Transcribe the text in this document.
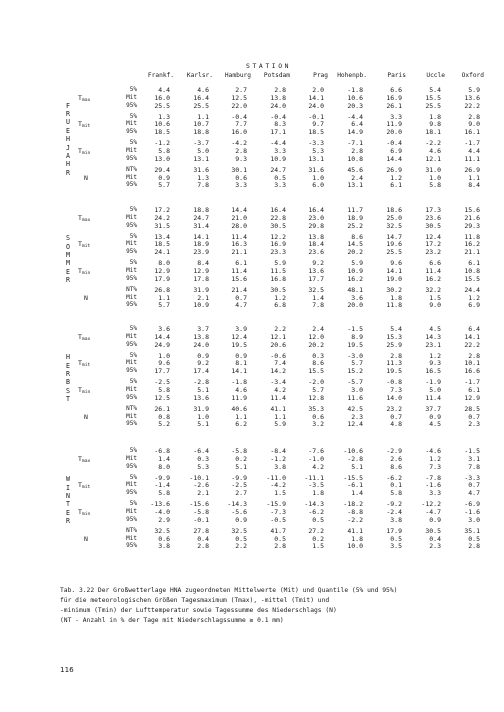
STATION
Frankf.	Karlsr.	Hamburg	Potsdam	Prag	Hohenpb.	Paris	Uccle	Oxford
F
R
U
E
H
J
A
H
R
5%	4.4	4.6	2.7	2.8	2.0	-1.8	6.6	5.4	5.9
$T_{max}$	Mit	16.0	16.4	12.5	13.8	14.1	10.6	16.9	15.5	13.6
95%	25.5	25.5	22.0	24.0	24.0	20.3	26.1	25.5	22.2
5%	1.3	1.1	-0.4	-0.4	-0.1	-4.4	3.3	1.8	2.8
$T_{mit}$	Mit	10.6	10.7	7.7	8.3	9.7	6.4	11.9	9.8	9.0
95%	18.5	18.8	16.0	17.1	18.5	14.9	20.0	18.1	16.1
5%	-1.2	-3.7	-4.2	-4.4	-3.3	-7.1	-0.4	-2.2	-1.7
$T_{min}$	Mit	5.8	5.0	2.8	3.3	5.3	2.8	6.9	4.6	4.4
95%	13.0	13.1	9.3	10.9	13.1	10.8	14.4	12.1	11.1
NT%	29.4	31.6	30.1	24.7	31.6	45.6	26.9	31.0	26.9
N	Mit	0.9	1.3	0.6	0.5	1.0	2.4	1.2	1.0	1.1
95%	5.7	7.8	3.3	3.3	6.0	13.1	6.1	5.8	8.4
S
O
M
M
E
R
5%	17.2	18.8	14.4	16.4	16.4	11.7	18.6	17.3	15.6
$T_{max}$	Mit	24.2	24.7	21.0	22.8	23.0	18.9	25.0	23.6	21.6
95%	31.5	31.4	28.0	30.5	29.8	25.2	32.5	30.5	29.3
5%	13.4	14.1	11.4	12.2	13.8	8.6	14.7	12.4	11.8
$T_{mit}$	Mit	18.5	18.9	16.3	16.9	18.4	14.5	19.6	17.2	16.2
95%	24.1	23.9	21.1	23.3	23.6	20.2	25.5	23.2	21.1
5%	8.0	8.4	6.1	5.9	9.2	5.9	9.6	6.6	6.1
$T_{min}$	Mit	12.9	12.9	11.4	11.5	13.6	10.9	14.1	11.4	10.8
95%	17.9	17.8	15.6	16.8	17.7	16.2	19.0	16.2	15.5
NT%	26.8	31.9	21.4	30.5	32.5	48.1	30.2	32.2	24.4
N	Mit	1.1	2.1	0.7	1.2	1.4	3.6	1.8	1.5	1.2
95%	5.7	10.9	4.7	6.8	7.8	20.0	11.8	9.0	6.9
H
E
R
B
S
T
5%	3.6	3.7	3.9	2.2	2.4	-1.5	5.4	4.5	6.4
$T_{max}$	Mit	14.4	13.8	12.4	12.1	12.0	8.9	15.3	14.3	14.1
95%	24.9	24.0	19.5	20.6	20.2	19.5	25.9	23.1	22.2
5%	1.0	0.9	0.9	-0.6	0.3	-3.0	2.8	1.2	2.8
$T_{mit}$	Mit	9.6	9.2	8.1	7.4	8.6	5.7	11.3	9.3	10.1
95%	17.7	17.4	14.1	14.2	15.5	15.2	19.5	16.5	16.6
5%	-2.5	-2.8	-1.8	-3.4	-2.0	-5.7	-0.8	-1.9	-1.7
$T_{min}$	Mit	5.8	5.1	4.6	4.2	5.7	3.0	7.3	5.0	6.1
95%	12.5	13.6	11.9	11.4	12.8	11.6	14.0	11.4	12.9
NT%	26.1	31.9	40.6	41.1	35.3	42.5	23.2	37.7	28.5
N	Mit	0.8	1.0	1.1	1.1	0.6	2.3	0.7	0.9	0.7
95%	5.2	5.1	6.2	5.9	3.2	12.4	4.8	4.5	2.3
W
I
N
T
E
R
5%	-6.8	-6.4	-5.8	-8.4	-7.6	-10.6	-2.9	-4.6	-1.5
$T_{max}$	Mit	1.4	0.3	0.2	-1.2	-1.0	-2.8	2.6	1.2	3.1
95%	8.0	5.3	5.1	3.8	4.2	5.1	8.6	7.3	7.8
5%	-9.9	-10.1	-9.9	-11.0	-11.1	-15.5	-6.2	-7.8	-3.3
$T_{mit}$	Mit	-1.4	-2.6	-2.5	-4.2	-3.5	-6.1	0.1	-1.6	0.7
95%	5.8	2.1	2.7	1.5	1.8	1.4	5.8	3.3	4.7
5%	-13.6	-15.6	-14.3	-15.9	-14.3	-18.2	-9.2	-12.2	-6.9
$T_{min}$	Mit	-4.0	-5.8	-5.6	-7.3	-6.2	-8.8	-2.4	-4.7	-1.6
95%	2.9	-0.1	0.9	-0.5	0.5	-2.2	3.8	0.9	3.0
NT%	32.5	27.8	32.5	41.7	27.2	41.1	17.9	30.5	35.1
N	Mit	0.6	0.4	0.5	0.5	0.2	1.8	0.5	0.4	0.5
95%	3.8	2.8	2.2	2.8	1.5	10.0	3.5	2.3	2.8
Tab. 3.22 Der Großwetterlage HNA zugeordneten Mittelwerte (Mit) und Quantile (5% und 95%)
für die meteorologischen Größen Tagesmaximum (Tmax), -mittel (Tmit) und
-minimum (Tmin) der Lufttemperatur sowie Tagessumme des Niederschlags (N)
(NT - Anzahl in % der Tage mit Niederschlagssumme ≥ 0.1 mm)
116
